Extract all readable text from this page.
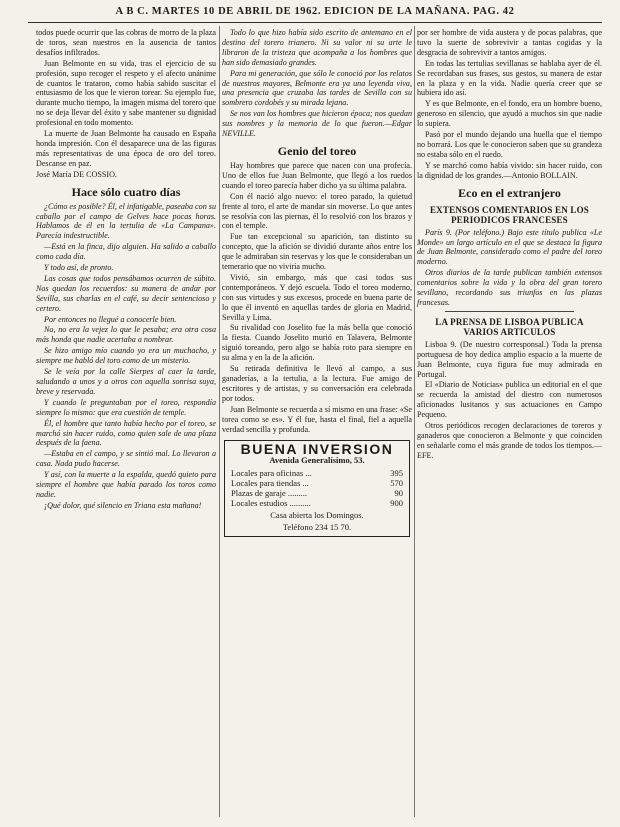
A B C. MARTES 10 DE ABRIL DE 1962. EDICION DE LA MAÑANA. PAG. 42

todos puede ocurrir que las cobras de morro de la plaza de toros, sean nuestros en la ausencia de tantos desafíos infiltrados.

Juan Belmonte en su vida, tras el ejercicio de su profesión, supo recoger el respeto y el afecto unánime de cuantos le trataron, como había sabido suscitar el entusiasmo de los que le vieron torear. Su ejemplo fue, durante mucho tiempo, la imagen misma del torero que no se deja llevar del éxito y sabe mantener su dignidad profesional en todo momento.

La muerte de Juan Belmonte ha causado en España honda impresión. Con él desaparece una de las figuras más representativas de una época de oro del toreo. Descanse en paz.

José María DE COSSIO.

Hace sólo cuatro días

¿Cómo es posible? Él, el infatigable, paseaba con su caballo por el campo de Gelves hace pocas horas. Hablamos de él en la tertulia de «La Campana». Parecía indestructible.

—Está en la finca, dijo alguien. Ha salido a caballo como cada día.

Y todo así, de pronto.

Las cosas que todos pensábamos ocurren de súbito. Nos quedan los recuerdos: su manera de andar por Sevilla, sus charlas en el café, su decir sentencioso y certero.

Por entonces no llegué a conocerle bien.

No, no era la vejez lo que le pesaba; era otra cosa más honda que nadie acertaba a nombrar.

Se hizo amigo mío cuando yo era un muchacho, y siempre me habló del toro como de un misterio.

Se le veía por la calle Sierpes al caer la tarde, saludando a unos y a otros con aquella sonrisa suya, breve y reservada.

Y cuando le preguntaban por el toreo, respondía siempre lo mismo: que era cuestión de temple.

Él, el hombre que tanto había hecho por el toreo, se marchó sin hacer ruido, como quien sale de una plaza después de la faena.

—Estaba en el campo, y se sintió mal. Lo llevaron a casa. Nada pudo hacerse.

Y así, con la muerte a la espalda, quedó quieto para siempre el hombre que había parado los toros como nadie.

¡Qué dolor, qué silencio en Triana esta mañana!

Todo lo que hizo había sido escrito de antemano en el destino del torero trianero. Ni su valor ni su arte le libraron de la tristeza que acompaña a los hombres que han sido demasiado grandes.

Para mi generación, que sólo le conoció por los relatos de nuestros mayores, Belmonte era ya una leyenda viva, una presencia que cruzaba las tardes de Sevilla con su sombrero cordobés y su mirada lejana.

Se nos van los hombres que hicieron época; nos quedan sus nombres y la memoria de lo que fueron.—Edgar NEVILLE.

Genio del toreo

Hay hombres que parece que nacen con una profecía. Uno de ellos fue Juan Belmonte, que llegó a los ruedos cuando el toreo parecía haber dicho ya su última palabra.

Con él nació algo nuevo: el toreo parado, la quietud frente al toro, el arte de mandar sin moverse. Lo que antes se resolvía con las piernas, él lo resolvió con los brazos y con el temple.

Fue tan excepcional su aparición, tan distinto su concepto, que la afición se dividió durante años entre los que le admiraban sin reservas y los que le consideraban un temerario que no viviría mucho.

Vivió, sin embargo, más que casi todos sus contemporáneos. Y dejó escuela. Todo el toreo moderno, con sus virtudes y sus excesos, procede en buena parte de lo que él inventó en aquellas tardes de gloria en Madrid, Sevilla y Lima.

Su rivalidad con Joselito fue la más bella que conoció la fiesta. Cuando Joselito murió en Talavera, Belmonte siguió toreando, pero algo se había roto para siempre en su alma y en la de la afición.

Su retirada definitiva le llevó al campo, a sus ganaderías, a la tertulia, a la lectura. Fue amigo de escritores y de artistas, y su conversación era celebrada por todos.

Juan Belmonte se recuerda a sí mismo en una frase: «Se torea como se es». Y él fue, hasta el final, fiel a aquella verdad sencilla y profunda.

BUENA INVERSION
Avenida Generalísimo, 53.
Locales para oficinas ...	395
Locales para tiendas ...	570
Plazas de garaje .........	90
Locales estudios ..........	900
Casa abierta los Domingos.
Teléfono 234 15 70.

por ser hombre de vida austera y de pocas palabras, que tuvo la suerte de sobrevivir a tantas cogidas y la desgracia de sobrevivir a tantos amigos.

En todas las tertulias sevillanas se hablaba ayer de él. Se recordaban sus frases, sus gestos, su manera de estar en la plaza y en la vida. Nadie quería creer que se hubiera ido así.

Y es que Belmonte, en el fondo, era un hombre bueno, generoso en silencio, que ayudó a muchos sin que nadie lo supiera.

Pasó por el mundo dejando una huella que el tiempo no borrará. Los que le conocieron saben que su grandeza no estaba sólo en el ruedo.

Y se marchó como había vivido: sin hacer ruido, con la dignidad de los grandes.—Antonio BOLLAIN.

Eco en el extranjero
EXTENSOS COMENTARIOS EN LOS PERIODICOS FRANCESES

París 9. (Por teléfono.) Bajo este título publica «Le Monde» un largo artículo en el que se destaca la figura de Juan Belmonte, considerado como el padre del toreo moderno.

Otros diarios de la tarde publican también extensos comentarios sobre la vida y la obra del gran torero sevillano, recordando sus triunfos en las plazas francesas.

LA PRENSA DE LISBOA PUBLICA VARIOS ARTICULOS

Lisboa 9. (De nuestro corresponsal.) Toda la prensa portuguesa de hoy dedica amplio espacio a la muerte de Juan Belmonte, cuya figura fue muy admirada en Portugal.

El «Diario de Noticias» publica un editorial en el que se recuerda la amistad del diestro con numerosos aficionados lusitanos y sus actuaciones en Campo Pequeno.

Otros periódicos recogen declaraciones de toreros y ganaderos que conocieron a Belmonte y que coinciden en señalarle como el más grande de todos los tiempos.—EFE.
